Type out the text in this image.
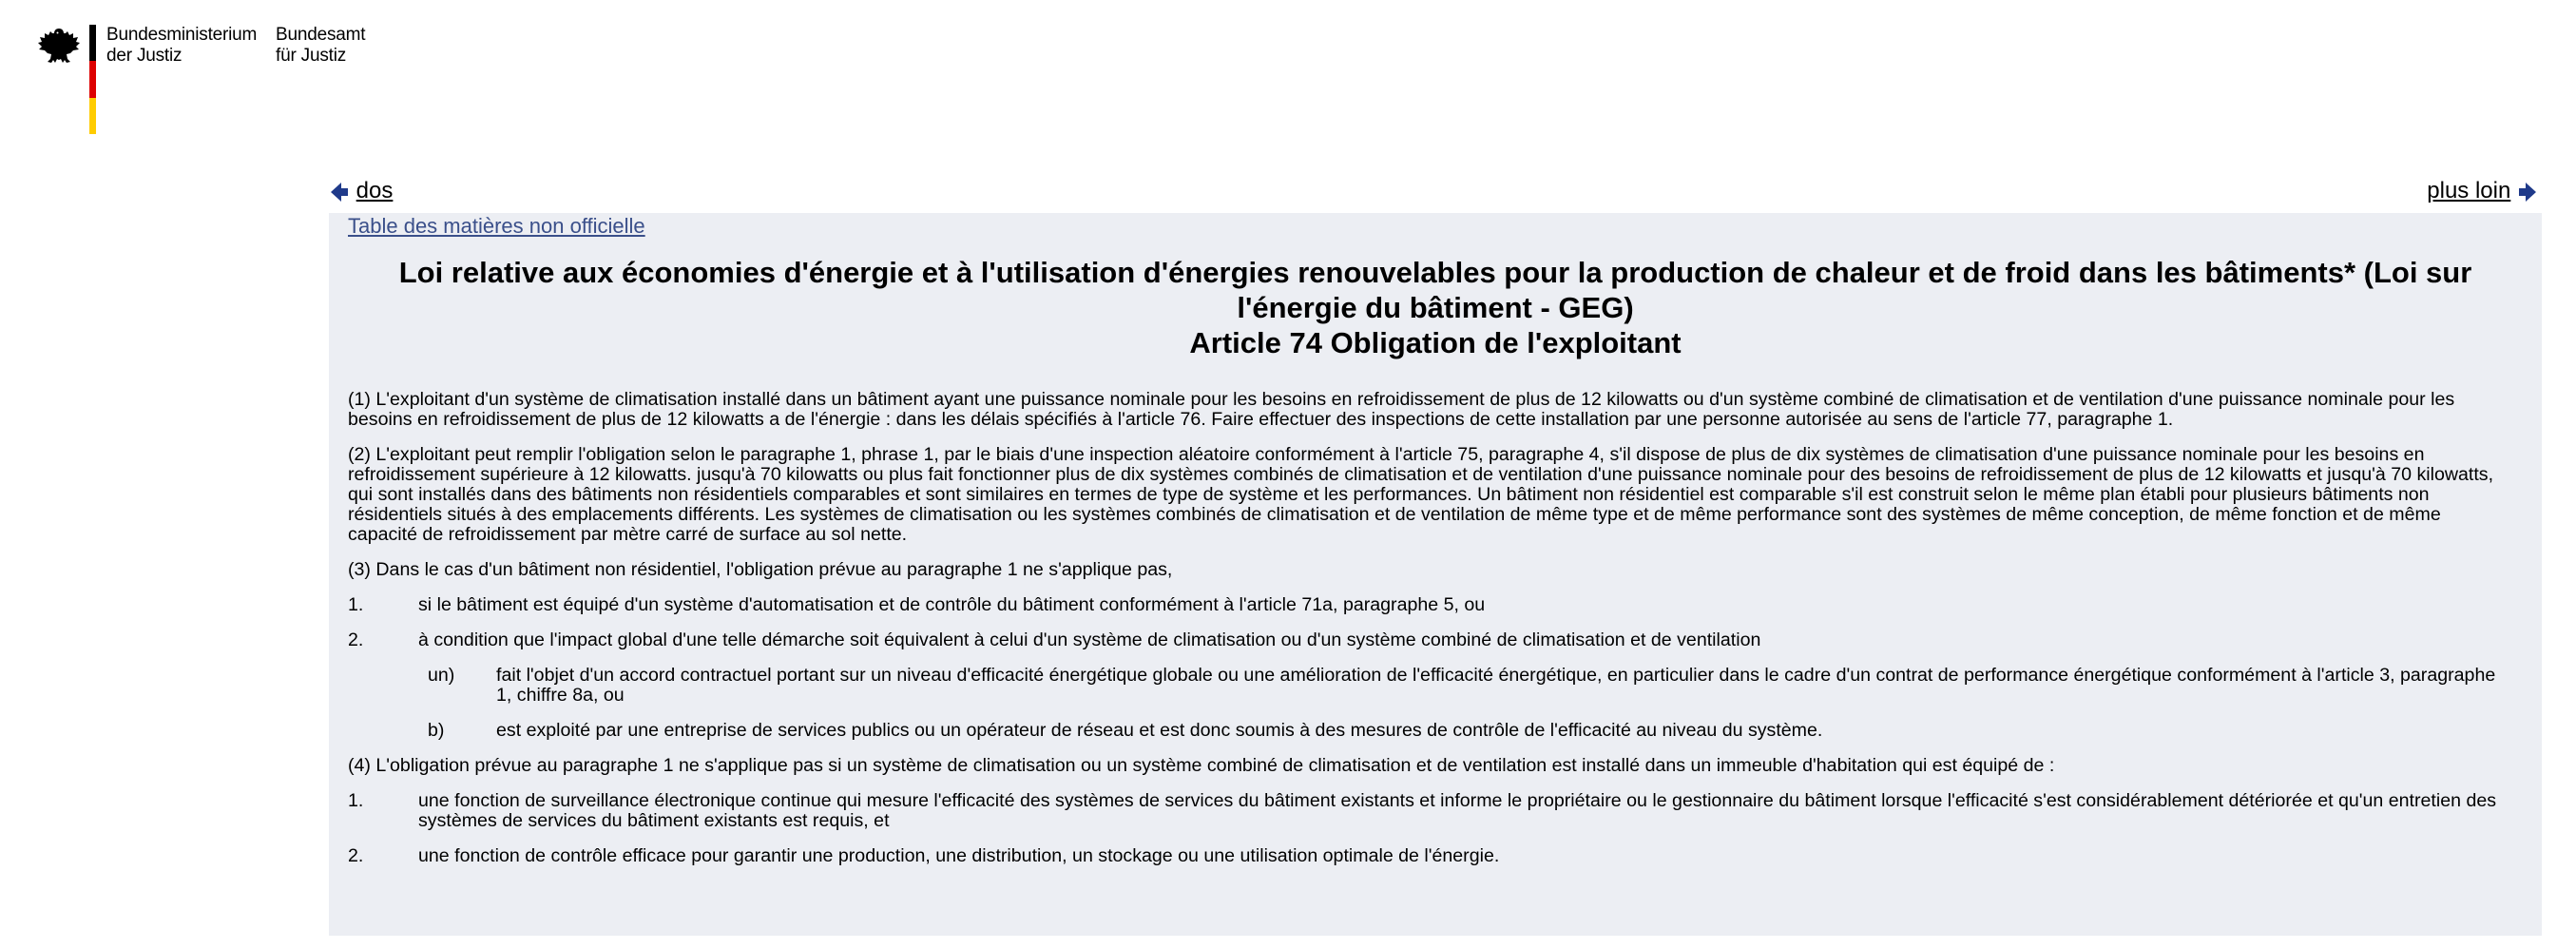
Bundesministerium
der Justiz
Bundesamt
für Justiz
dos	plus loin
Table des matières non officielle
Loi relative aux économies d'énergie et à l'utilisation d'énergies renouvelables pour la production de chaleur et de froid dans les bâtiments* (Loi sur
l'énergie du bâtiment - GEG)
Article 74 Obligation de l'exploitant

(1) L'exploitant d'un système de climatisation installé dans un bâtiment ayant une puissance nominale pour les besoins en refroidissement de plus de 12 kilowatts ou d'un système combiné de climatisation et de ventilation d'une puissance nominale pour les besoins en refroidissement de plus de 12 kilowatts a de l'énergie : dans les délais spécifiés à l'article 76. Faire effectuer des inspections de cette installation par une personne autorisée au sens de l'article 77, paragraphe 1.

(2) L'exploitant peut remplir l'obligation selon le paragraphe 1, phrase 1, par le biais d'une inspection aléatoire conformément à l'article 75, paragraphe 4, s'il dispose de plus de dix systèmes de climatisation d'une puissance nominale pour les besoins en refroidissement supérieure à 12 kilowatts. jusqu'à 70 kilowatts ou plus fait fonctionner plus de dix systèmes combinés de climatisation et de ventilation d'une puissance nominale pour des besoins de refroidissement de plus de 12 kilowatts et jusqu'à 70 kilowatts, qui sont installés dans des bâtiments non résidentiels comparables et sont similaires en termes de type de système et les performances. Un bâtiment non résidentiel est comparable s'il est construit selon le même plan établi pour plusieurs bâtiments non résidentiels situés à des emplacements différents. Les systèmes de climatisation ou les systèmes combinés de climatisation et de ventilation de même type et de même performance sont des systèmes de même conception, de même fonction et de même capacité de refroidissement par mètre carré de surface au sol nette.

(3) Dans le cas d'un bâtiment non résidentiel, l'obligation prévue au paragraphe 1 ne s'applique pas,

1.	si le bâtiment est équipé d'un système d'automatisation et de contrôle du bâtiment conformément à l'article 71a, paragraphe 5, ou
2.	à condition que l'impact global d'une telle démarche soit équivalent à celui d'un système de climatisation ou d'un système combiné de climatisation et de ventilation
un)	fait l'objet d'un accord contractuel portant sur un niveau d'efficacité énergétique globale ou une amélioration de l'efficacité énergétique, en particulier dans le cadre d'un contrat de performance énergétique conformément à l'article 3, paragraphe 1, chiffre 8a, ou
b)	est exploité par une entreprise de services publics ou un opérateur de réseau et est donc soumis à des mesures de contrôle de l'efficacité au niveau du système.

(4) L'obligation prévue au paragraphe 1 ne s'applique pas si un système de climatisation ou un système combiné de climatisation et de ventilation est installé dans un immeuble d'habitation qui est équipé de :

1.	une fonction de surveillance électronique continue qui mesure l'efficacité des systèmes de services du bâtiment existants et informe le propriétaire ou le gestionnaire du bâtiment lorsque l'efficacité s'est considérablement détériorée et qu'un entretien des systèmes de services du bâtiment existants est requis, et
2.	une fonction de contrôle efficace pour garantir une production, une distribution, un stockage ou une utilisation optimale de l'énergie.
